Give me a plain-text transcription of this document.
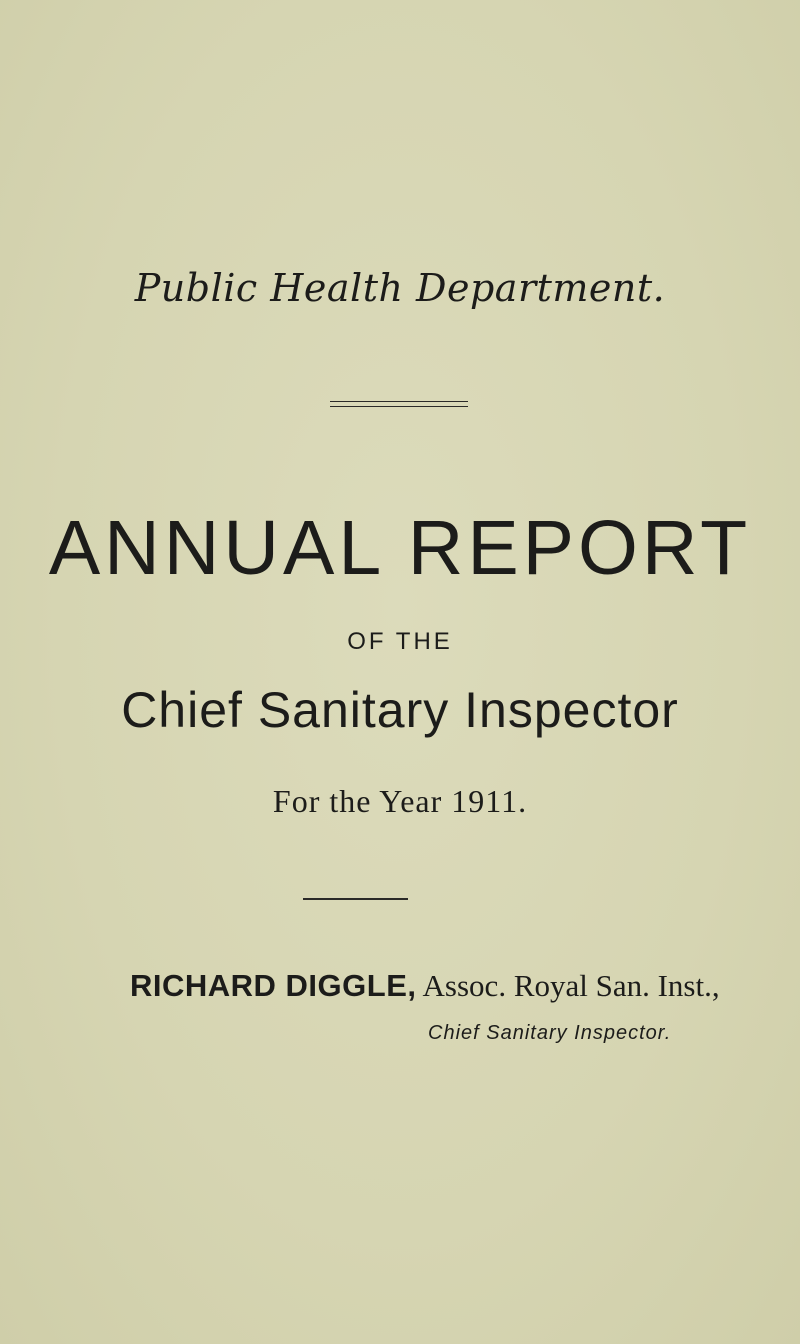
Public Health Department.
ANNUAL REPORT
OF THE
Chief Sanitary Inspector
For the Year 1911.
RICHARD DIGGLE, Assoc. Royal San. Inst.,
Chief Sanitary Inspector.
